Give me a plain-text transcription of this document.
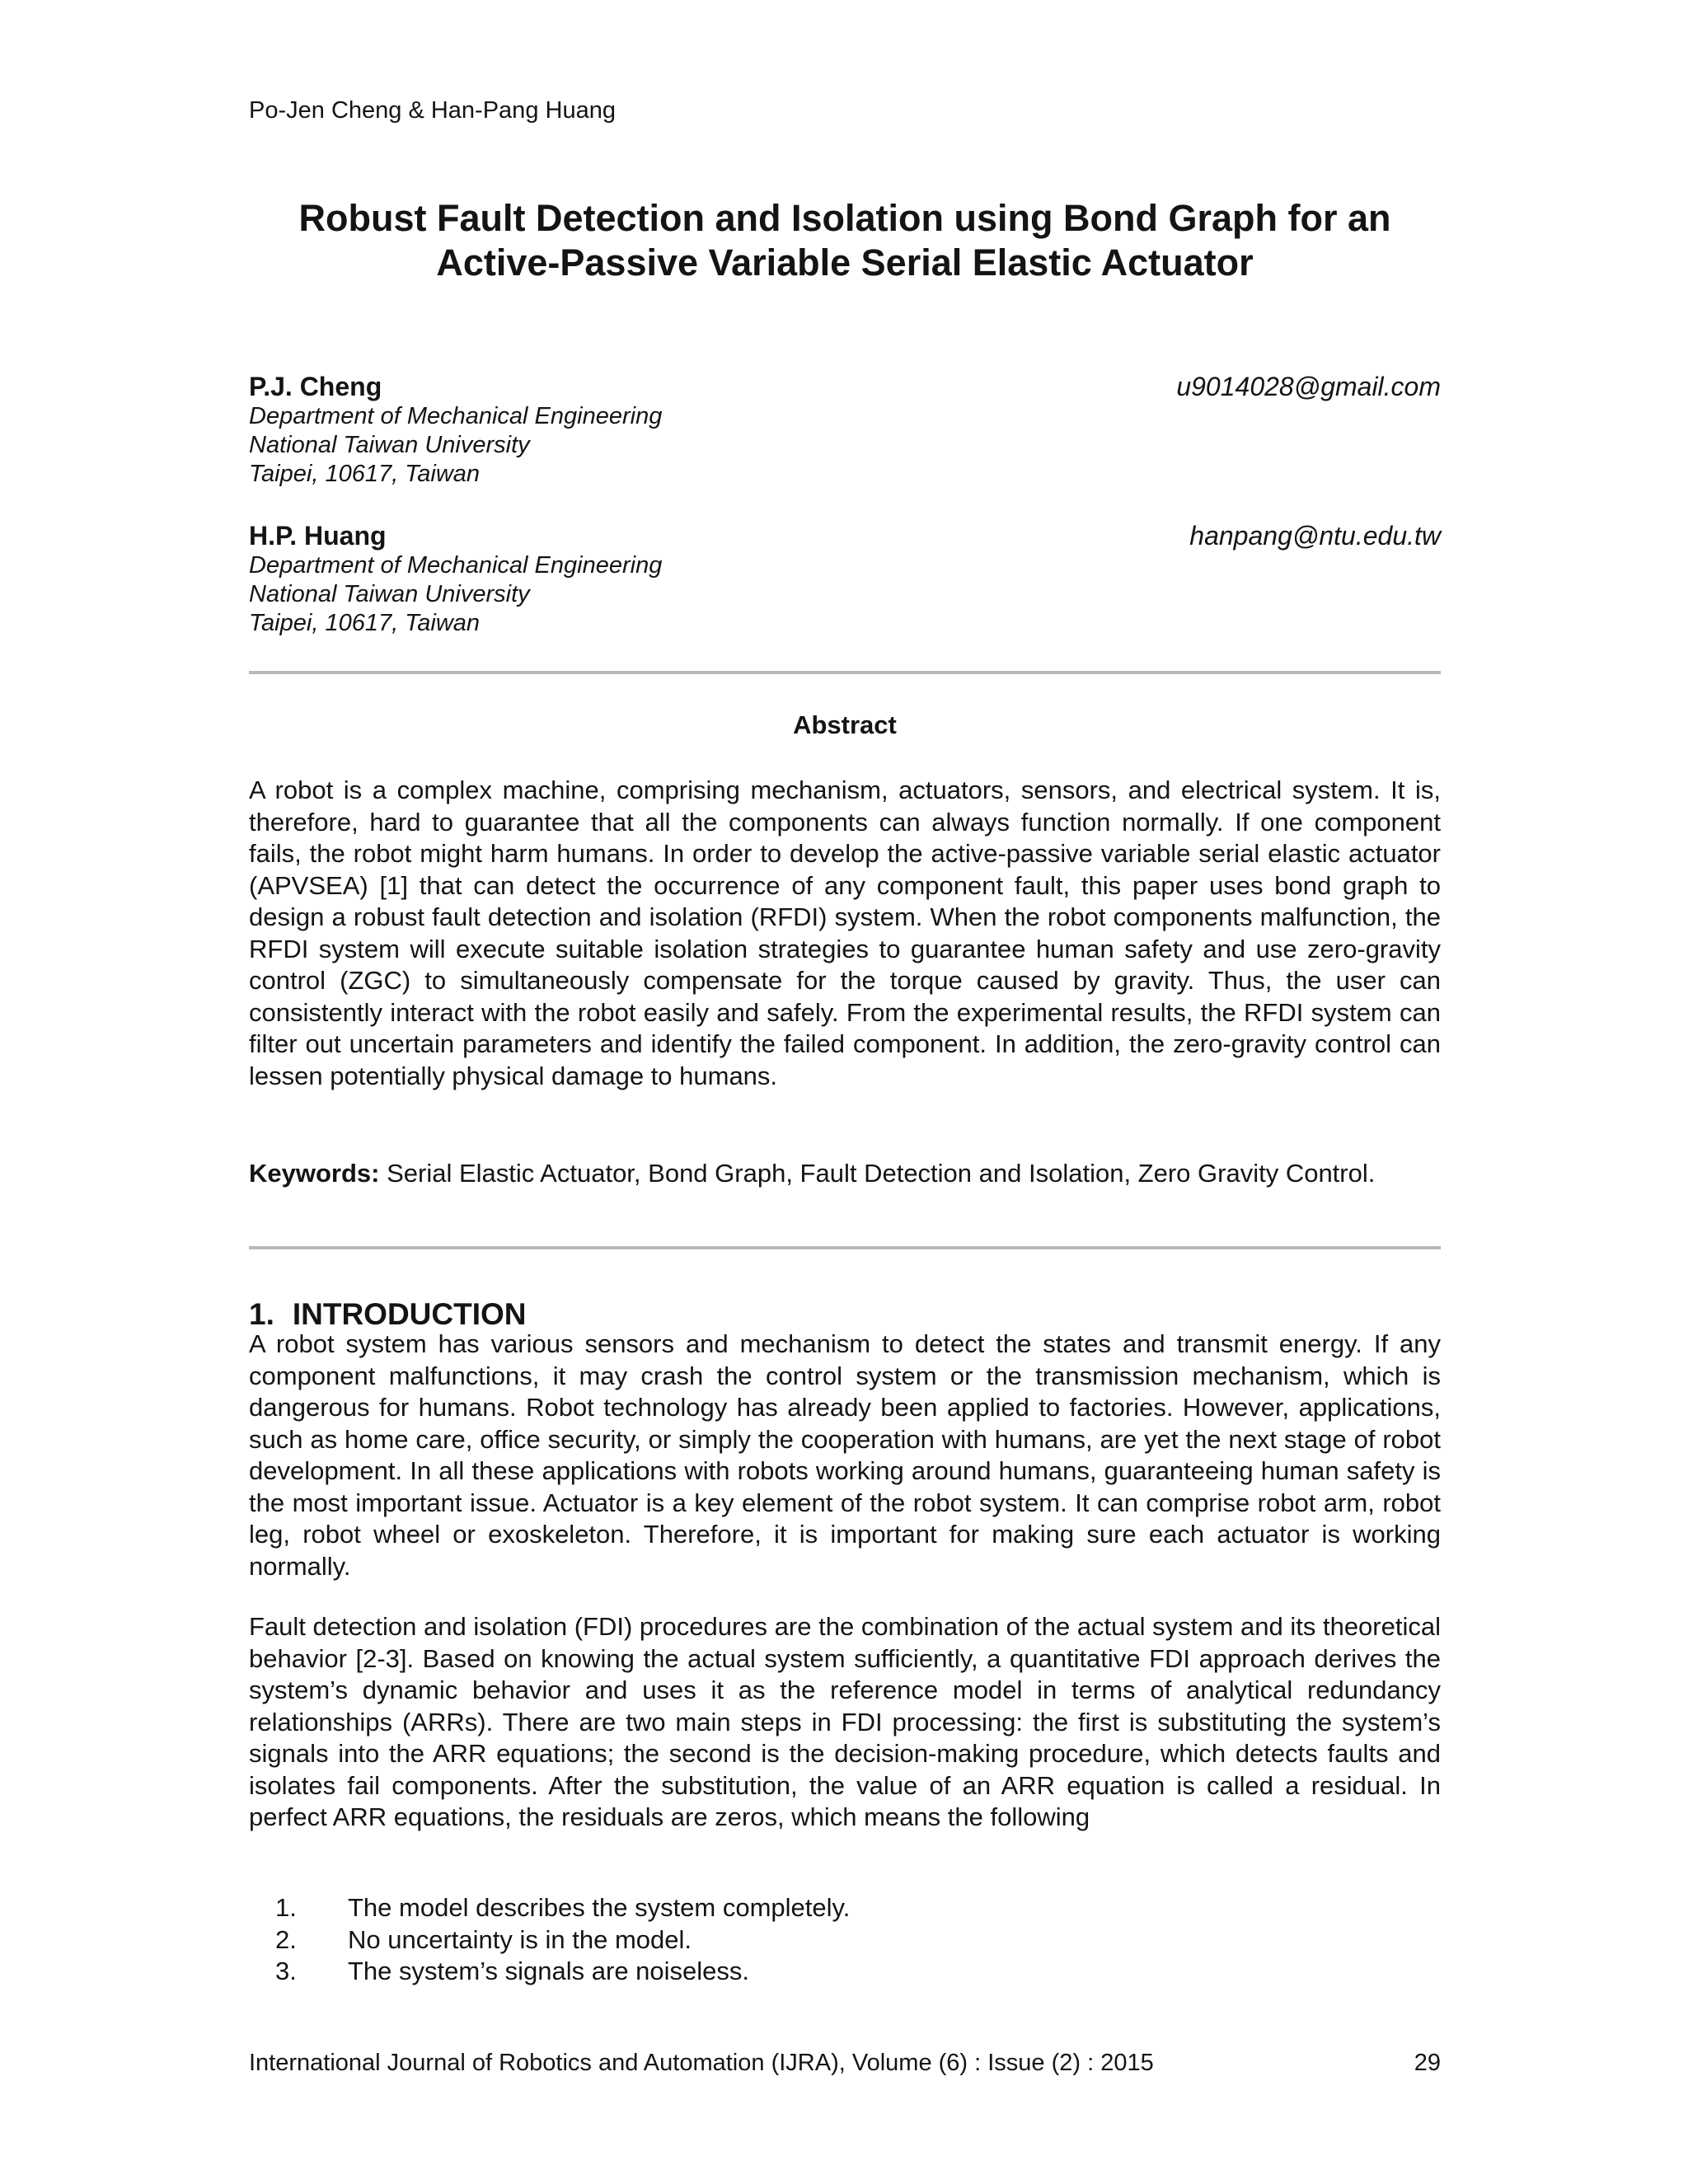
Po-Jen Cheng & Han-Pang Huang
Robust Fault Detection and Isolation using Bond Graph for an
Active-Passive Variable Serial Elastic Actuator
P.J. Cheng	u9014028@gmail.com
Department of Mechanical Engineering
National Taiwan University
Taipei, 10617, Taiwan
H.P. Huang	hanpang@ntu.edu.tw
Department of Mechanical Engineering
National Taiwan University
Taipei, 10617, Taiwan
Abstract

A robot is a complex machine, comprising mechanism, actuators, sensors, and electrical system. It is, therefore, hard to guarantee that all the components can always function normally. If one component fails, the robot might harm humans. In order to develop the active-passive variable serial elastic actuator (APVSEA) [1] that can detect the occurrence of any component fault, this paper uses bond graph to design a robust fault detection and isolation (RFDI) system. When the robot components malfunction, the RFDI system will execute suitable isolation strategies to guarantee human safety and use zero-gravity control (ZGC) to simultaneously compensate for the torque caused by gravity. Thus, the user can consistently interact with the robot easily and safely. From the experimental results, the RFDI system can filter out uncertain parameters and identify the failed component. In addition, the zero-gravity control can lessen potentially physical damage to humans.

Keywords: Serial Elastic Actuator, Bond Graph, Fault Detection and Isolation, Zero Gravity Control.

1. INTRODUCTION

A robot system has various sensors and mechanism to detect the states and transmit energy. If any component malfunctions, it may crash the control system or the transmission mechanism, which is dangerous for humans. Robot technology has already been applied to factories. However, applications, such as home care, office security, or simply the cooperation with humans, are yet the next stage of robot development. In all these applications with robots working around humans, guaranteeing human safety is the most important issue. Actuator is a key element of the robot system. It can comprise robot arm, robot leg, robot wheel or exoskeleton. Therefore, it is important for making sure each actuator is working normally.

Fault detection and isolation (FDI) procedures are the combination of the actual system and its theoretical behavior [2-3]. Based on knowing the actual system sufficiently, a quantitative FDI approach derives the system’s dynamic behavior and uses it as the reference model in terms of analytical redundancy relationships (ARRs). There are two main steps in FDI processing: the first is substituting the system’s signals into the ARR equations; the second is the decision-making procedure, which detects faults and isolates fail components. After the substitution, the value of an ARR equation is called a residual. In perfect ARR equations, the residuals are zeros, which means the following

1. The model describes the system completely.
2. No uncertainty is in the model.
3. The system’s signals are noiseless.
International Journal of Robotics and Automation (IJRA), Volume (6) : Issue (2) : 2015	29
